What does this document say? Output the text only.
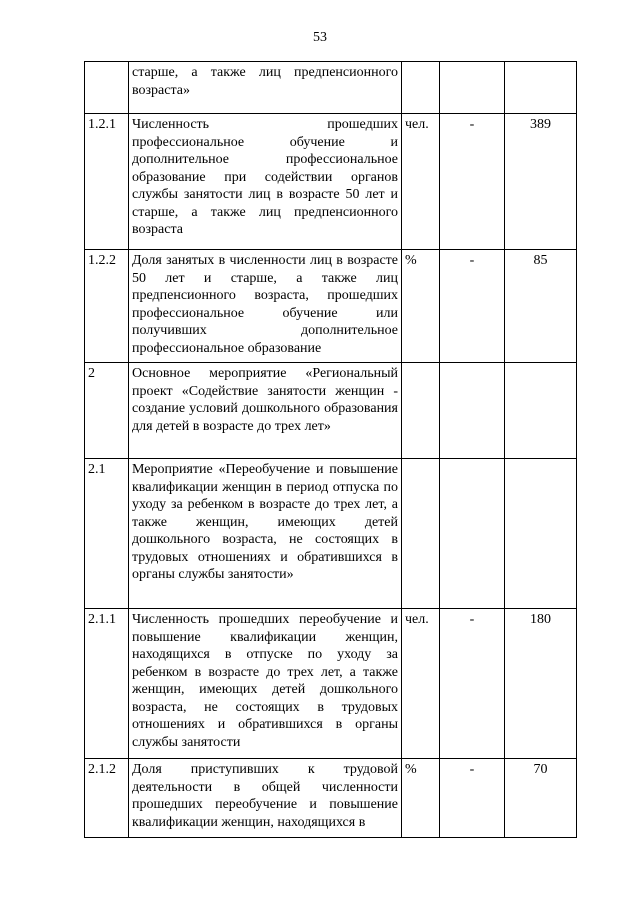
53
	старше, а также лиц предпенсионного возраста»			
1.2.1	Численность прошедших профессиональное обучение и дополнительное профессиональное образование при содействии органов службы занятости лиц в возрасте 50 лет и старше, а также лиц предпенсионного возраста	чел.	-	389
1.2.2	Доля занятых в численности лиц в возрасте 50 лет и старше, а также лиц предпенсионного возраста, прошедших профессиональное обучение или получивших дополнительное профессиональное образование	%	-	85
2	Основное мероприятие «Региональный проект «Содействие занятости женщин - создание условий дошкольного образования для детей в возрасте до трех лет»			
2.1	Мероприятие «Переобучение и повышение квалификации женщин в период отпуска по уходу за ребенком в возрасте до трех лет, а также женщин, имеющих детей дошкольного возраста, не состоящих в трудовых отношениях и обратившихся в органы службы занятости»			
2.1.1	Численность прошедших переобучение и повышение квалификации женщин, находящихся в отпуске по уходу за ребенком в возрасте до трех лет, а также женщин, имеющих детей дошкольного возраста, не состоящих в трудовых отношениях и обратившихся в органы службы занятости	чел.	-	180
2.1.2	Доля приступивших к трудовой деятельности в общей численности прошедших переобучение и повышение квалификации женщин, находящихся в	%	-	70
